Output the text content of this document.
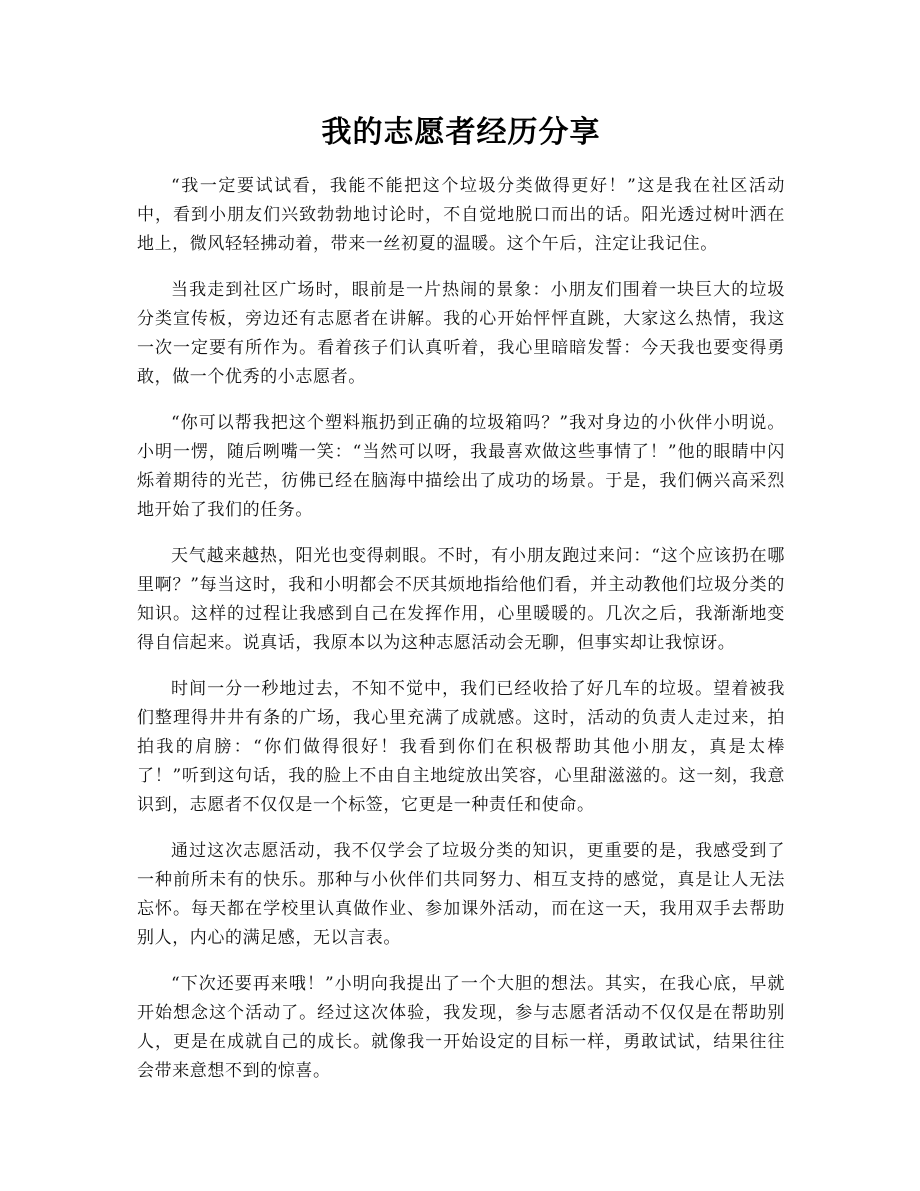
我的志愿者经历分享

“我一定要试试看，我能不能把这个垃圾分类做得更好！”这是我在社区活动中，看到小朋友们兴致勃勃地讨论时，不自觉地脱口而出的话。阳光透过树叶洒在地上，微风轻轻拂动着，带来一丝初夏的温暖。这个午后，注定让我记住。

当我走到社区广场时，眼前是一片热闹的景象：小朋友们围着一块巨大的垃圾分类宣传板，旁边还有志愿者在讲解。我的心开始怦怦直跳，大家这么热情，我这一次一定要有所作为。看着孩子们认真听着，我心里暗暗发誓：今天我也要变得勇敢，做一个优秀的小志愿者。

“你可以帮我把这个塑料瓶扔到正确的垃圾箱吗？”我对身边的小伙伴小明说。小明一愣，随后咧嘴一笑：“当然可以呀，我最喜欢做这些事情了！”他的眼睛中闪烁着期待的光芒，彷佛已经在脑海中描绘出了成功的场景。于是，我们俩兴高采烈地开始了我们的任务。

天气越来越热，阳光也变得刺眼。不时，有小朋友跑过来问：“这个应该扔在哪里啊？”每当这时，我和小明都会不厌其烦地指给他们看，并主动教他们垃圾分类的知识。这样的过程让我感到自己在发挥作用，心里暖暖的。几次之后，我渐渐地变得自信起来。说真话，我原本以为这种志愿活动会无聊，但事实却让我惊讶。

时间一分一秒地过去，不知不觉中，我们已经收拾了好几车的垃圾。望着被我们整理得井井有条的广场，我心里充满了成就感。这时，活动的负责人走过来，拍拍我的肩膀：“你们做得很好！我看到你们在积极帮助其他小朋友，真是太棒了！”听到这句话，我的脸上不由自主地绽放出笑容，心里甜滋滋的。这一刻，我意识到，志愿者不仅仅是一个标签，它更是一种责任和使命。

通过这次志愿活动，我不仅学会了垃圾分类的知识，更重要的是，我感受到了一种前所未有的快乐。那种与小伙伴们共同努力、相互支持的感觉，真是让人无法忘怀。每天都在学校里认真做作业、参加课外活动，而在这一天，我用双手去帮助别人，内心的满足感，无以言表。

“下次还要再来哦！”小明向我提出了一个大胆的想法。其实，在我心底，早就开始想念这个活动了。经过这次体验，我发现，参与志愿者活动不仅仅是在帮助别人，更是在成就自己的成长。就像我一开始设定的目标一样，勇敢试试，结果往往会带来意想不到的惊喜。
